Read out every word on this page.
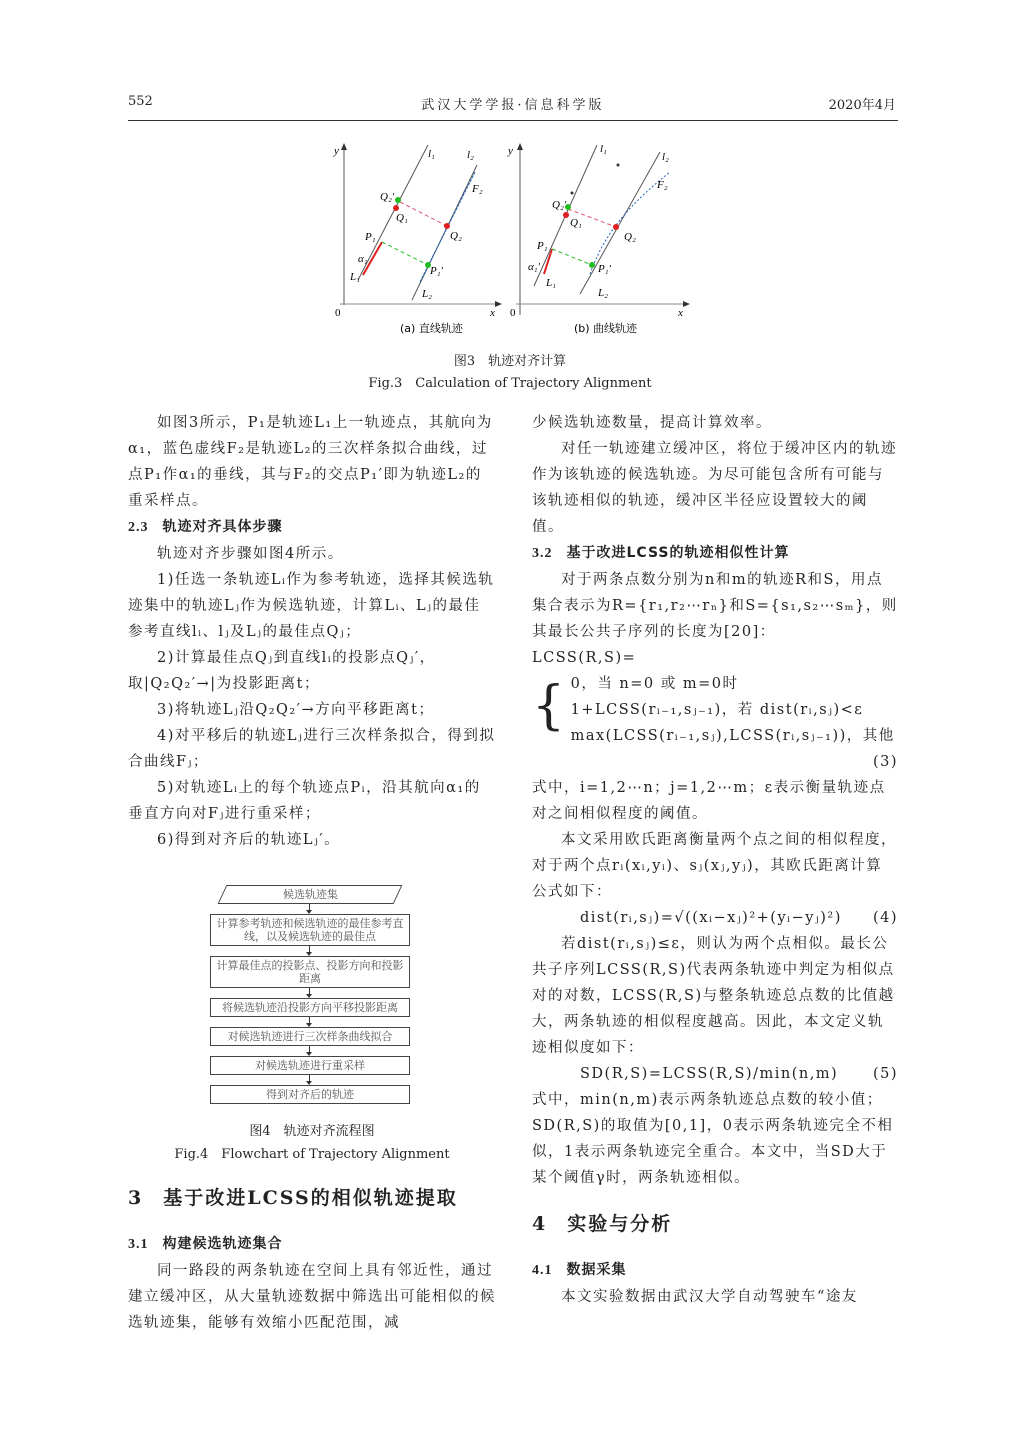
552	武汉大学学报·信息科学版	2020年4月
y
x
0
l₁	l₂
F₂
Q₂′
Q₁
Q₂
P₁
α₁
L₁	P₁′
L₂
(a) 直线轨迹
y
x
0
l₁
l₂
F₂
Q₂′
Q₁
Q₂
P₁
α₁′
L₁
P₁′
L₂
(b) 曲线轨迹
图3　轨迹对齐计算
Fig.3　Calculation of Trajectory Alignment

如图3所示，P₁是轨迹L₁上一轨迹点，其航向为α₁，蓝色虚线F₂是轨迹L₂的三次样条拟合曲线，过点P₁作α₁的垂线，其与F₂的交点P₁′即为轨迹L₂的重采样点。

2.3 轨迹对齐具体步骤

轨迹对齐步骤如图4所示。

1)任选一条轨迹Lᵢ作为参考轨迹，选择其候选轨迹集中的轨迹Lⱼ作为候选轨迹，计算Lᵢ、Lⱼ的最佳参考直线lᵢ、lⱼ及Lⱼ的最佳点Qⱼ；

2)计算最佳点Qⱼ到直线lᵢ的投影点Qⱼ′，取|Q₂Q₂′→|为投影距离t；

3)将轨迹Lⱼ沿Q₂Q₂′→方向平移距离t；

4)对平移后的轨迹Lⱼ进行三次样条拟合，得到拟合曲线Fⱼ；

5)对轨迹Lᵢ上的每个轨迹点Pᵢ，沿其航向α₁的垂直方向对Fⱼ进行重采样；

6)得到对齐后的轨迹Lⱼ′。

候选轨迹集
计算参考轨迹和候选轨迹的最佳参考直线，以及候选轨迹的最佳点
计算最佳点的投影点、投影方向和投影距离
将候选轨迹沿投影方向平移投影距离
对候选轨迹进行三次样条曲线拟合
对候选轨迹进行重采样
得到对齐后的轨迹
图4　轨迹对齐流程图
Fig.4　Flowchart of Trajectory Alignment

3 基于改进LCSS的相似轨迹提取

3.1 构建候选轨迹集合

同一路段的两条轨迹在空间上具有邻近性，通过建立缓冲区，从大量轨迹数据中筛选出可能相似的候选轨迹集，能够有效缩小匹配范围，减

少候选轨迹数量，提高计算效率。

对任一轨迹建立缓冲区，将位于缓冲区内的轨迹作为该轨迹的候选轨迹。为尽可能包含所有可能与该轨迹相似的轨迹，缓冲区半径应设置较大的阈值。

3.2 基于改进LCSS的轨迹相似性计算

对于两条点数分别为n和m的轨迹R和S，用点集合表示为R={r₁,r₂⋯rₙ}和S={s₁,s₂⋯sₘ}，则其最长公共子序列的长度为[20]：

LCSS(R,S)=

{ 0，当 n=0 或 m=0时

1+LCSS(rᵢ₋₁,sⱼ₋₁)，若 dist(rᵢ,sⱼ)<ε

max(LCSS(rᵢ₋₁,sⱼ),LCSS(rᵢ,sⱼ₋₁))，其他

(3)

式中，i=1,2⋯n；j=1,2⋯m；ε表示衡量轨迹点对之间相似程度的阈值。

本文采用欧氏距离衡量两个点之间的相似程度，对于两个点rᵢ(xᵢ,yᵢ)、sⱼ(xⱼ,yⱼ)，其欧氏距离计算公式如下：

dist(rᵢ,sⱼ)=√((xᵢ−xⱼ)²+(yᵢ−yⱼ)²) (4)

若dist(rᵢ,sⱼ)≤ε，则认为两个点相似。最长公共子序列LCSS(R,S)代表两条轨迹中判定为相似点对的对数，LCSS(R,S)与整条轨迹总点数的比值越大，两条轨迹的相似程度越高。因此，本文定义轨迹相似度如下：

SD(R,S)=LCSS(R,S)/min(n,m) (5)

式中，min(n,m)表示两条轨迹总点数的较小值；SD(R,S)的取值为[0,1]，0表示两条轨迹完全不相似，1表示两条轨迹完全重合。本文中，当SD大于某个阈值γ时，两条轨迹相似。

4 实验与分析

4.1 数据采集

本文实验数据由武汉大学自动驾驶车“途友
